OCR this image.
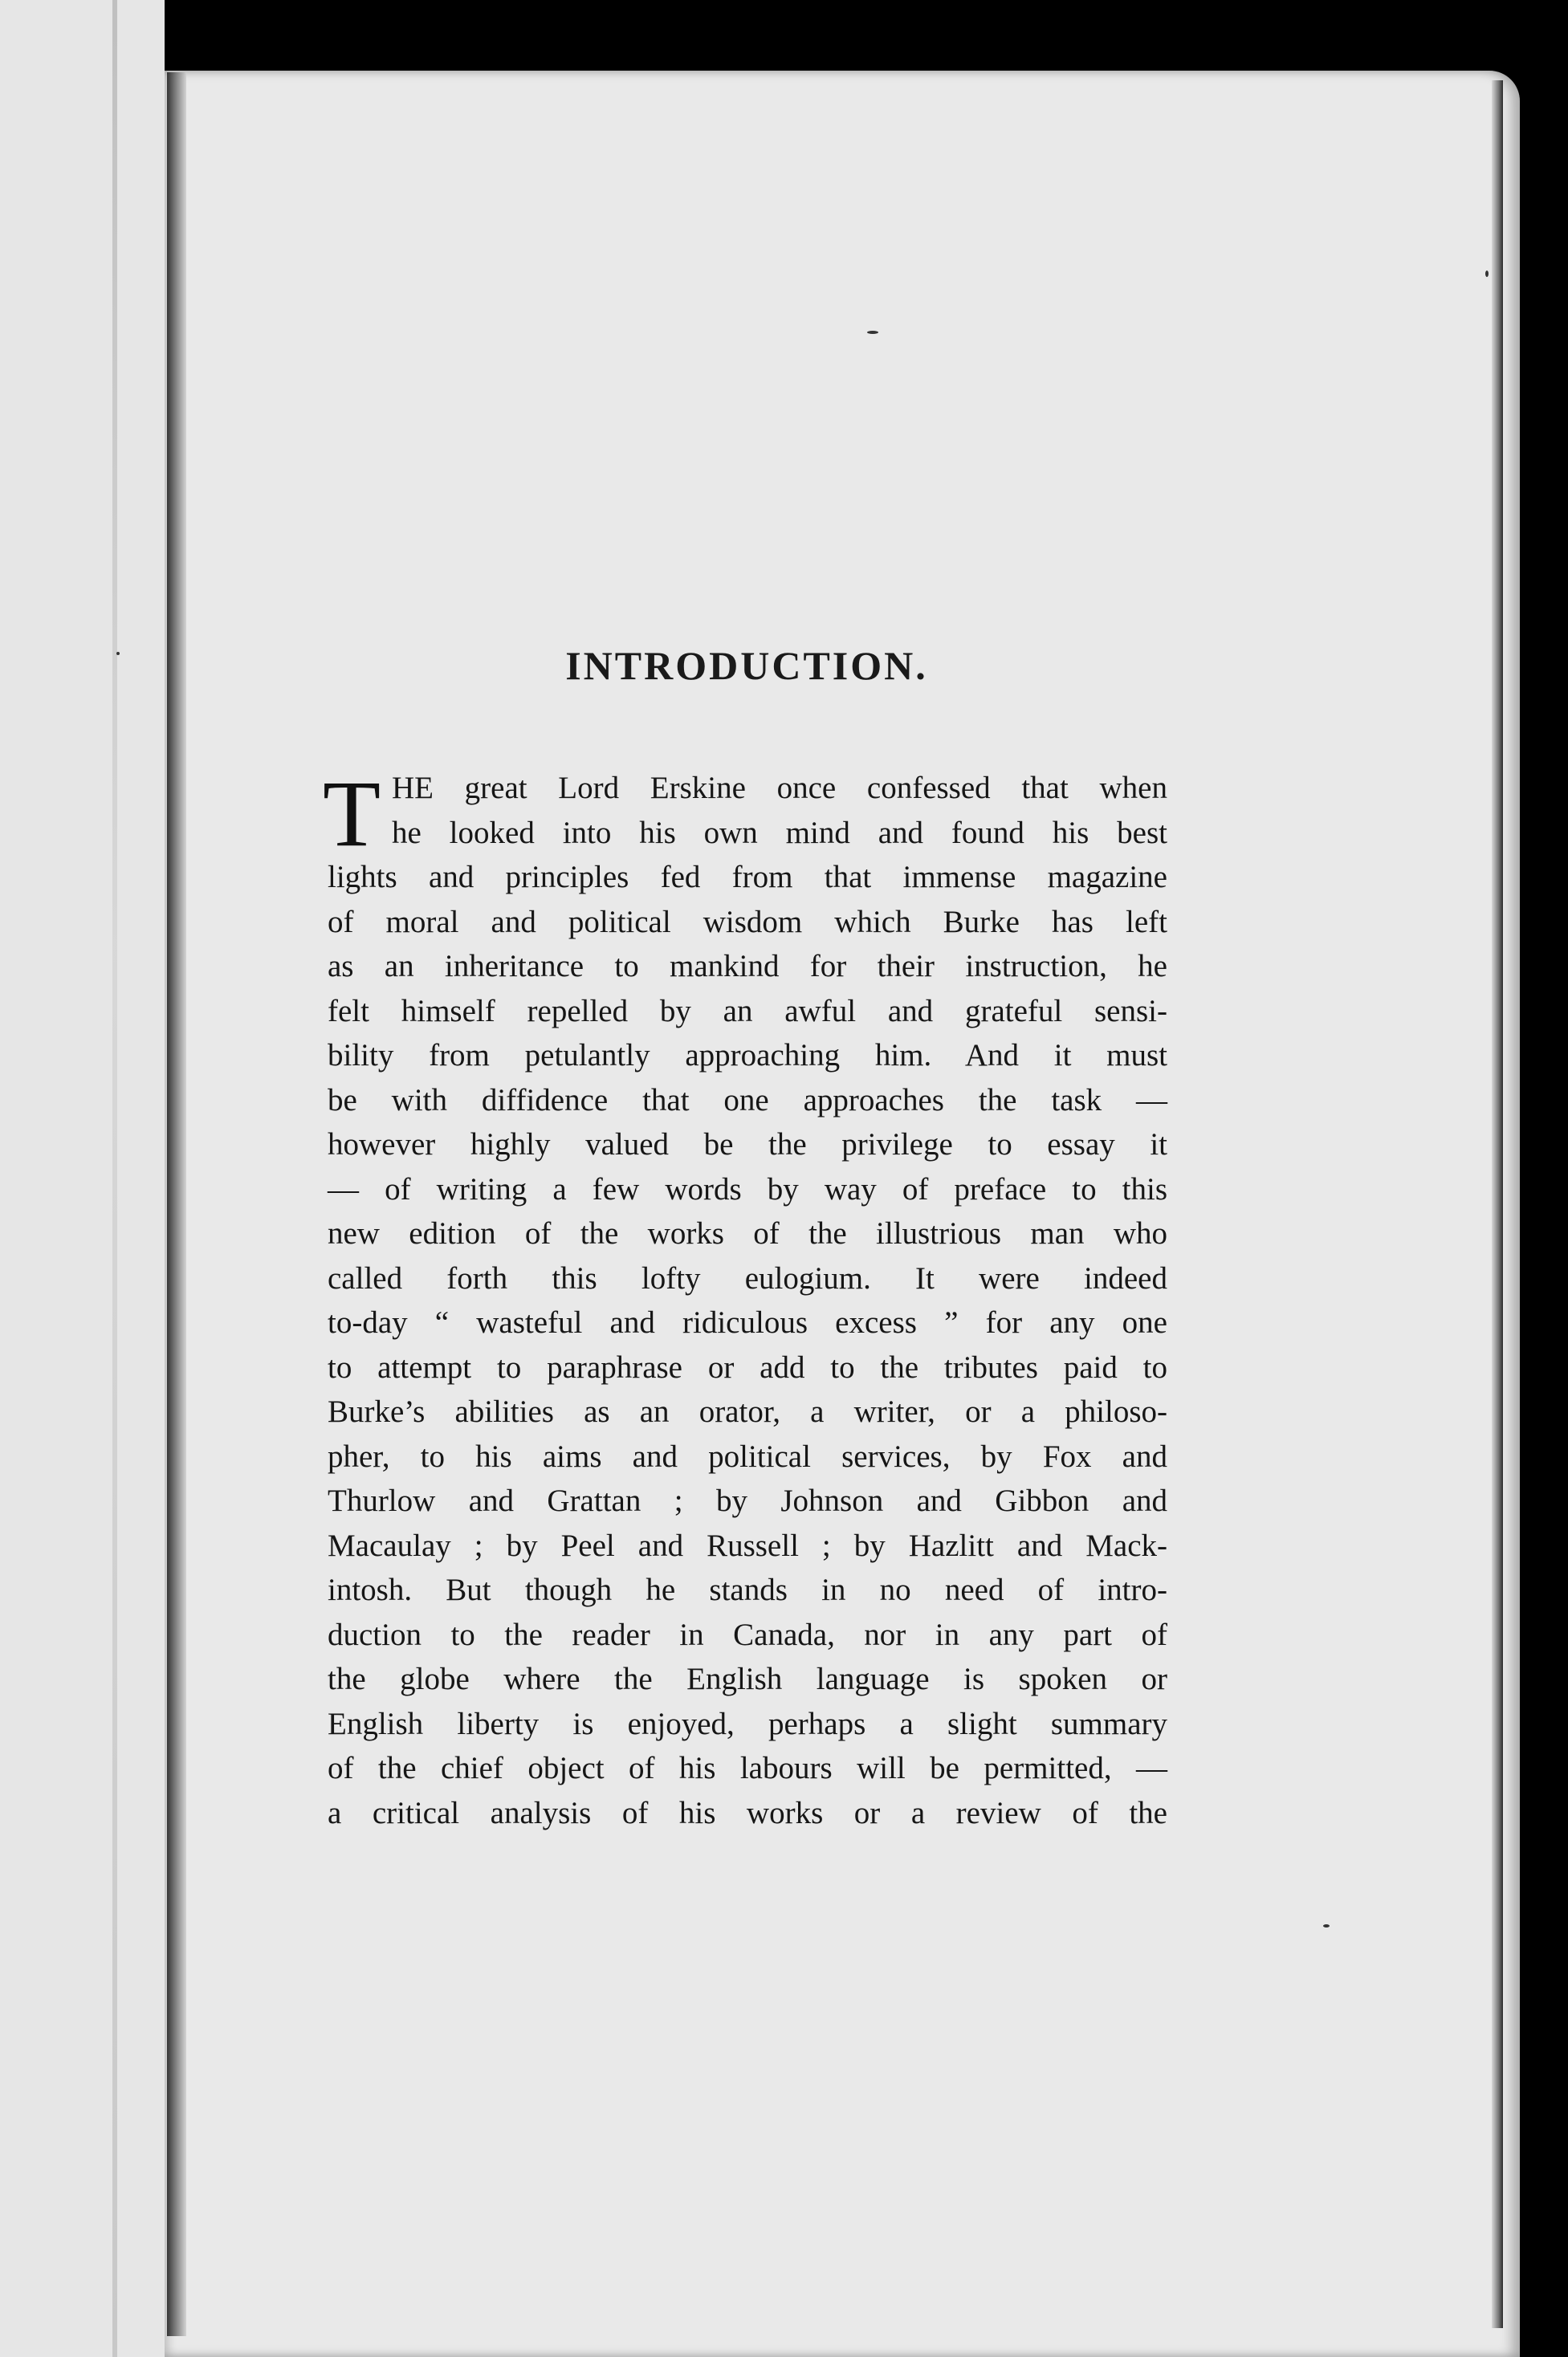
INTRODUCTION.
T HE great Lord Erskine once confessed that when
he looked into his own mind and found his best
lights and principles fed from that immense magazine
of moral and political wisdom which Burke has left
as an inheritance to mankind for their instruction, he
felt himself repelled by an awful and grateful sensi-
bility from petulantly approaching him. And it must
be with diffidence that one approaches the task —
however highly valued be the privilege to essay it
— of writing a few words by way of preface to this
new edition of the works of the illustrious man who
called forth this lofty eulogium. It were indeed
to-day “ wasteful and ridiculous excess ” for any one
to attempt to paraphrase or add to the tributes paid to
Burke’s abilities as an orator, a writer, or a philoso-
pher, to his aims and political services, by Fox and
Thurlow and Grattan ; by Johnson and Gibbon and
Macaulay ; by Peel and Russell ; by Hazlitt and Mack-
intosh. But though he stands in no need of intro-
duction to the reader in Canada, nor in any part of
the globe where the English language is spoken or
English liberty is enjoyed, perhaps a slight summary
of the chief object of his labours will be permitted, —
a critical analysis of his works or a review of the
